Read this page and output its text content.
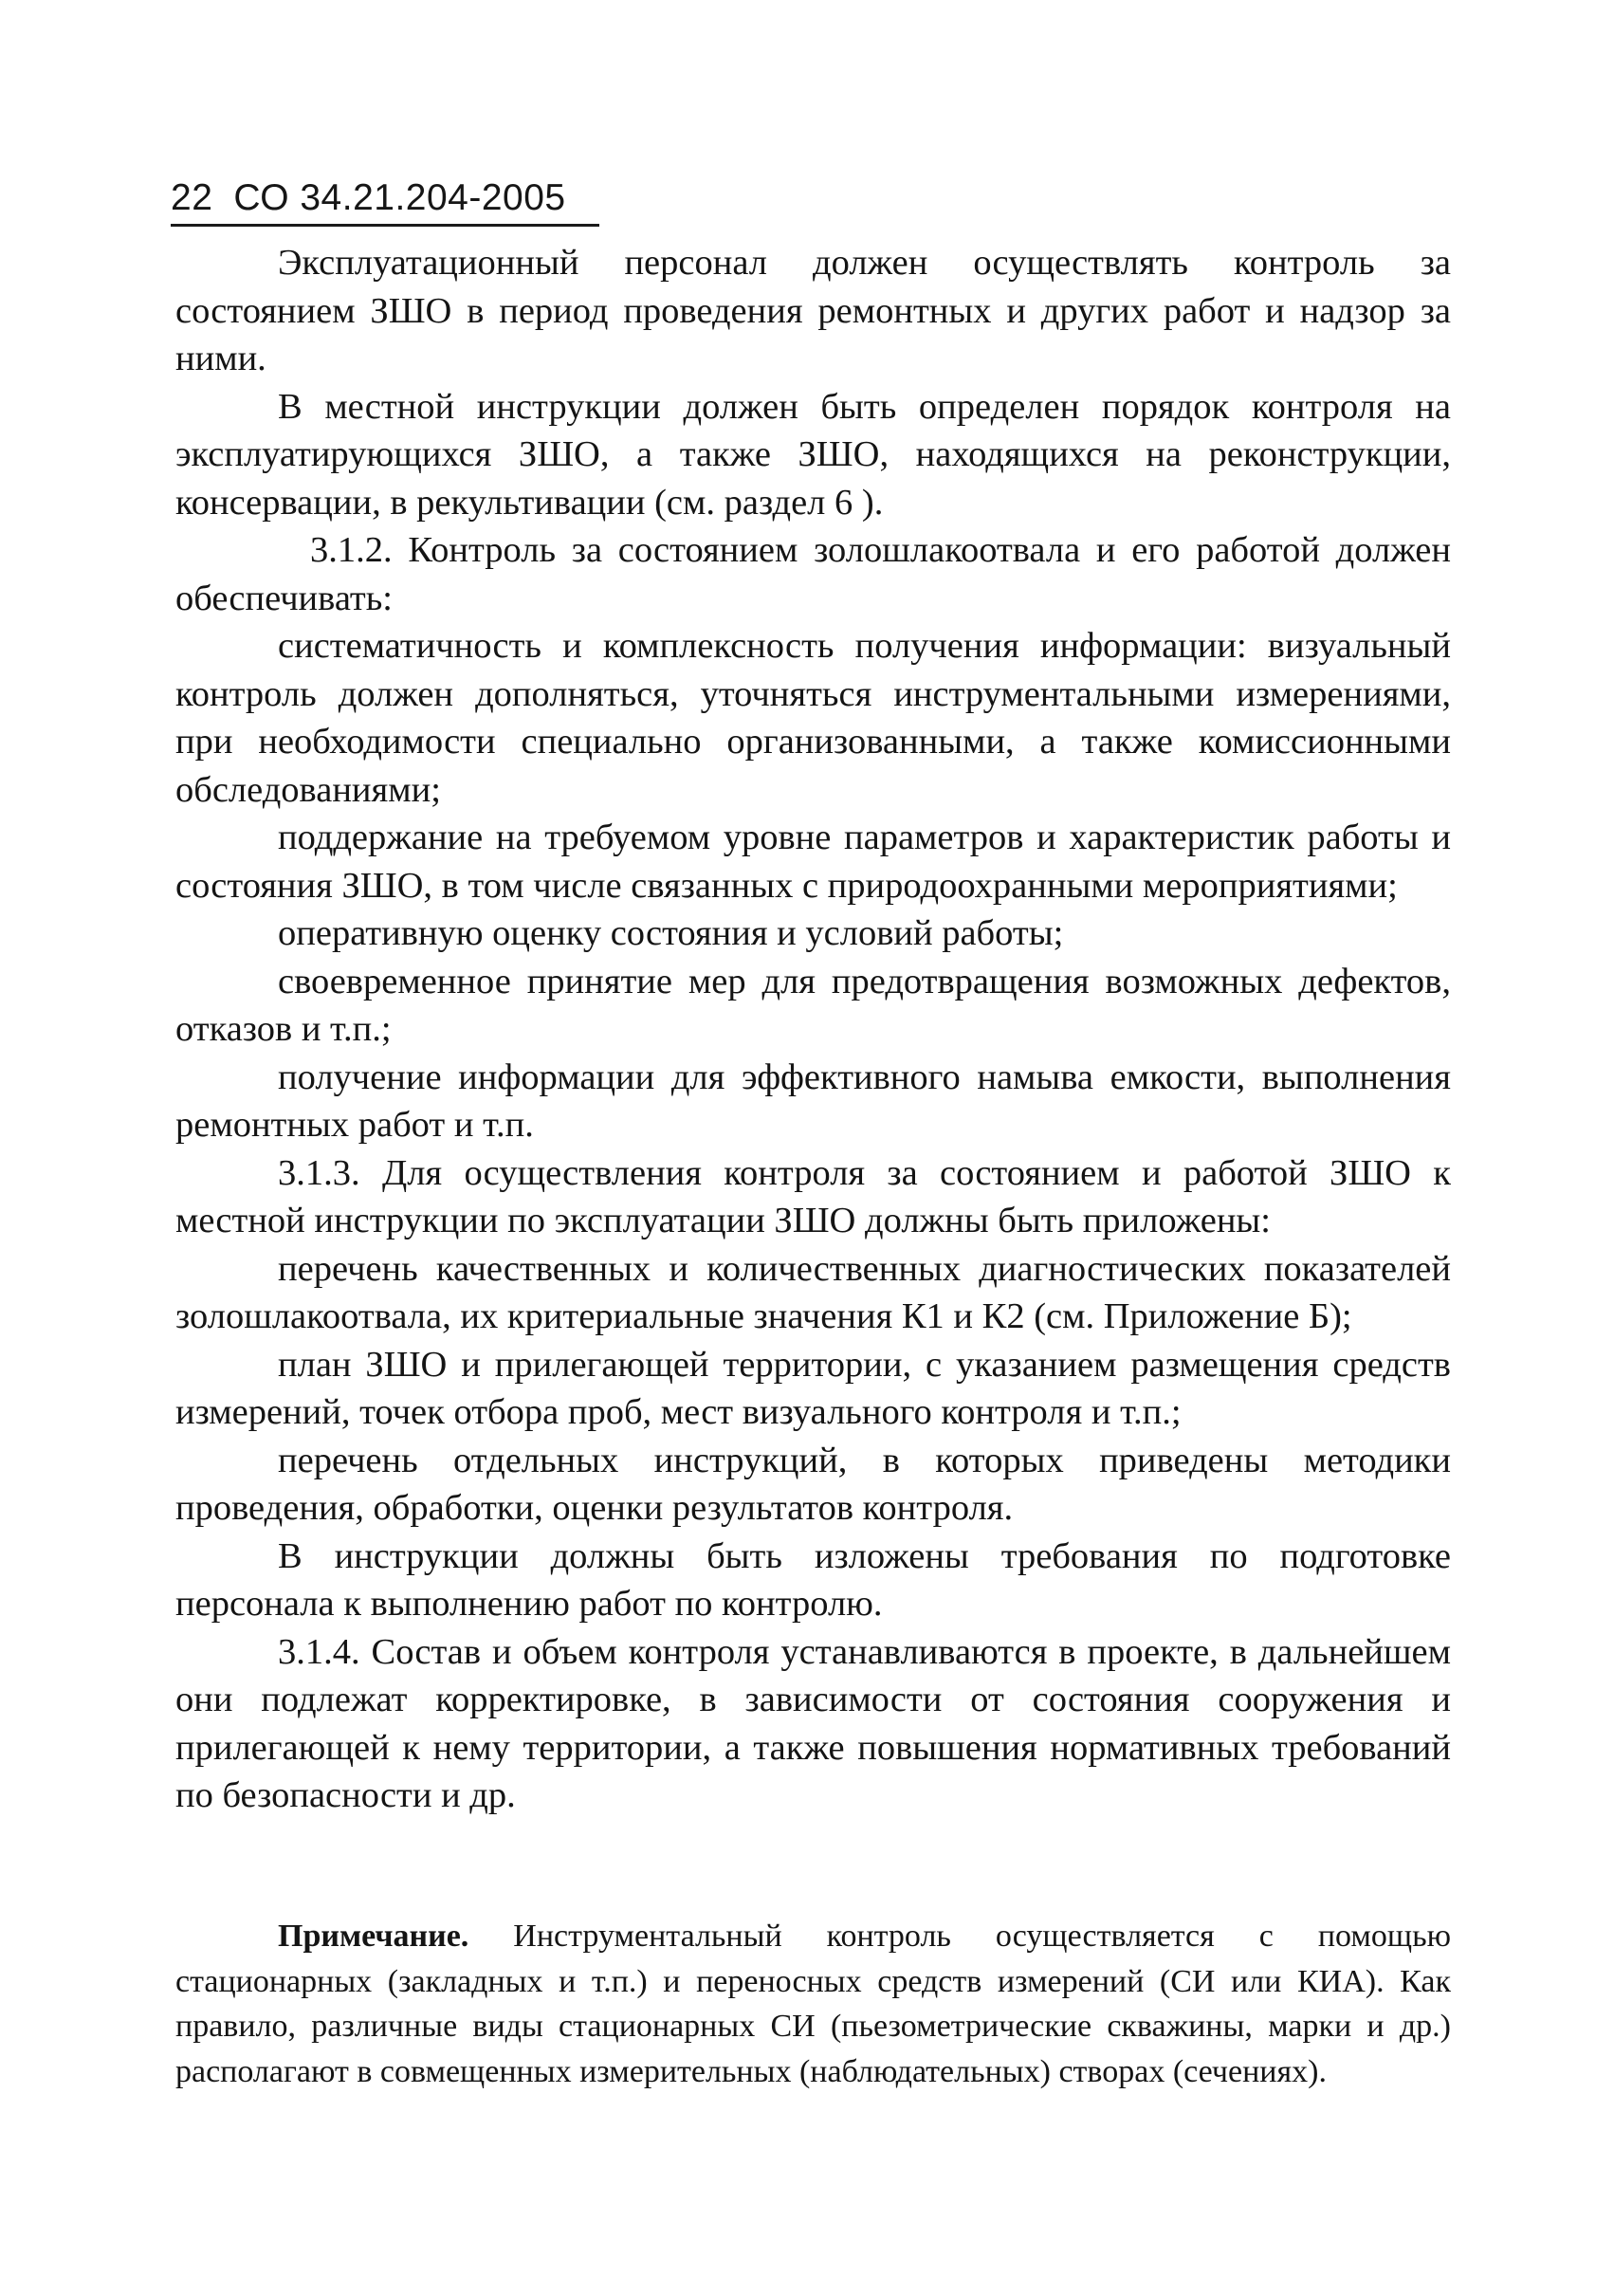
22 СО 34.21.204-2005

Эксплуатационный персонал должен осуществлять контроль за состоянием ЗШО в период проведения ремонтных и других работ и надзор за ними.

В местной инструкции должен быть определен порядок контроля на эксплуатирующихся ЗШО, а также ЗШО, находящихся на реконструкции, консервации, в рекультивации (см. раздел 6 ).

3.1.2. Контроль за состоянием золошлакоотвала и его работой должен обеспечивать:

систематичность и комплексность получения информации: визуальный контроль должен дополняться, уточняться инструментальными измерениями, при необходимости специально организованными, а также комиссионными обследованиями;

поддержание на требуемом уровне параметров и характеристик работы и состояния ЗШО, в том числе связанных с природоохранными мероприятиями;

оперативную оценку состояния и условий работы;

своевременное принятие мер для предотвращения возможных дефектов, отказов и т.п.;

получение информации для эффективного намыва емкости, выполнения ремонтных работ и т.п.

3.1.3. Для осуществления контроля за состоянием и работой ЗШО к местной инструкции по эксплуатации ЗШО должны быть приложены:

перечень качественных и количественных диагностических показателей золошлакоотвала, их критериальные значения К1 и К2 (см. Приложение Б);

план ЗШО и прилегающей территории, с указанием размещения средств измерений, точек отбора проб, мест визуального контроля и т.п.;

перечень отдельных инструкций, в которых приведены методики проведения, обработки, оценки результатов контроля.

В инструкции должны быть изложены требования по подготовке персонала к выполнению работ по контролю.

3.1.4. Состав и объем контроля устанавливаются в проекте, в дальнейшем они подлежат корректировке, в зависимости от состояния сооружения и прилегающей к нему территории, а также повышения нормативных требований по безопасности и др.

Примечание. Инструментальный контроль осуществляется с помощью стационарных (закладных и т.п.) и переносных средств измерений (СИ или КИА). Как правило, различные виды стационарных СИ (пьезометрические скважины, марки и др.) располагают в совмещенных измерительных (наблюдательных) створах (сечениях).
